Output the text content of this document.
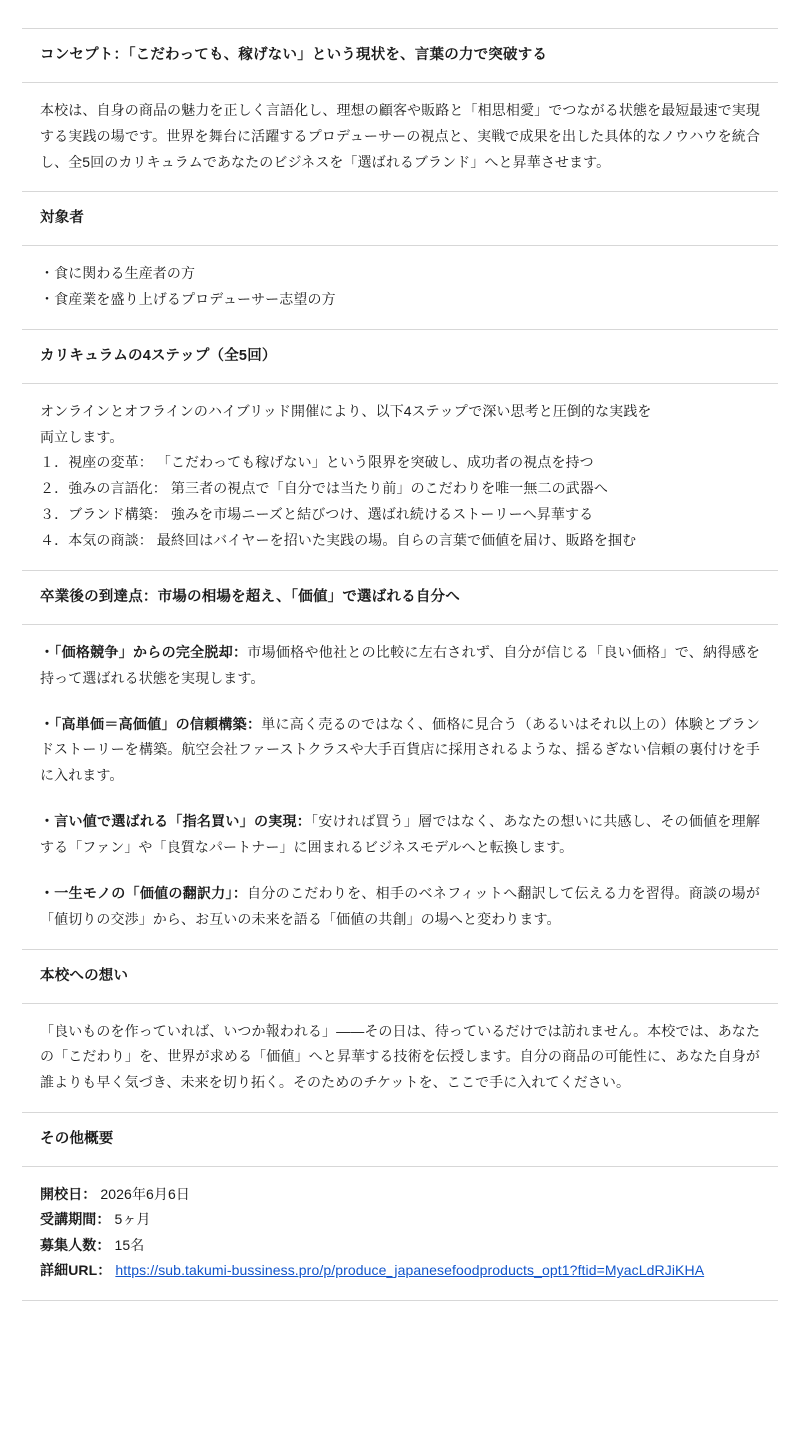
コンセプト：「こだわっても、稼げない」という現状を、言葉の力で突破する

本校は、自身の商品の魅力を正しく言語化し、理想の顧客や販路と「相思相愛」でつながる状態を最短最速で実現する実践の場です。世界を舞台に活躍するプロデューサーの視点と、実戦で成果を出した具体的なノウハウを統合し、全5回のカリキュラムであなたのビジネスを「選ばれるブランド」へと昇華させます。

対象者
・食に関わる生産者の方
・食産業を盛り上げるプロデューサー志望の方
カリキュラムの4ステップ（全5回）
オンラインとオフラインのハイブリッド開催により、以下4ステップで深い思考と圧倒的な実践を
両立します。
１．視座の変革： 「こだわっても稼げない」という限界を突破し、成功者の視点を持つ
２．強みの言語化： 第三者の視点で「自分では当たり前」のこだわりを唯一無二の武器へ
３．ブランド構築： 強みを市場ニーズと結びつけ、選ばれ続けるストーリーへ昇華する
４．本気の商談： 最終回はバイヤーを招いた実践の場。自らの言葉で価値を届け、販路を掴む
卒業後の到達点：市場の相場を超え、「価値」で選ばれる自分へ

・「価格競争」からの完全脱却：市場価格や他社との比較に左右されず、自分が信じる「良い価格」で、納得感を持って選ばれる状態を実現します。

・「高単価＝高価値」の信頼構築：単に高く売るのではなく、価格に見合う（あるいはそれ以上の）体験とブランドストーリーを構築。航空会社ファーストクラスや大手百貨店に採用されるような、揺るぎない信頼の裏付けを手に入れます。

・言い値で選ばれる「指名買い」の実現：「安ければ買う」層ではなく、あなたの想いに共感し、その価値を理解する「ファン」や「良質なパートナー」に囲まれるビジネスモデルへと転換します。

・一生モノの「価値の翻訳力」：自分のこだわりを、相手のベネフィットへ翻訳して伝える力を習得。商談の場が「値切りの交渉」から、お互いの未来を語る「価値の共創」の場へと変わります。

本校への想い

「良いものを作っていれば、いつか報われる」——その日は、待っているだけでは訪れません。本校では、あなたの「こだわり」を、世界が求める「価値」へと昇華する技術を伝授します。自分の商品の可能性に、あなた自身が誰よりも早く気づき、未来を切り拓く。そのためのチケットを、ここで手に入れてください。

その他概要
開校日： 2026年6月6日
受講期間： 5ヶ月
募集人数： 15名
詳細URL： https://sub.takumi-bussiness.pro/p/produce_japanesefoodproducts_opt1?ftid=MyacLdRJiKHA
